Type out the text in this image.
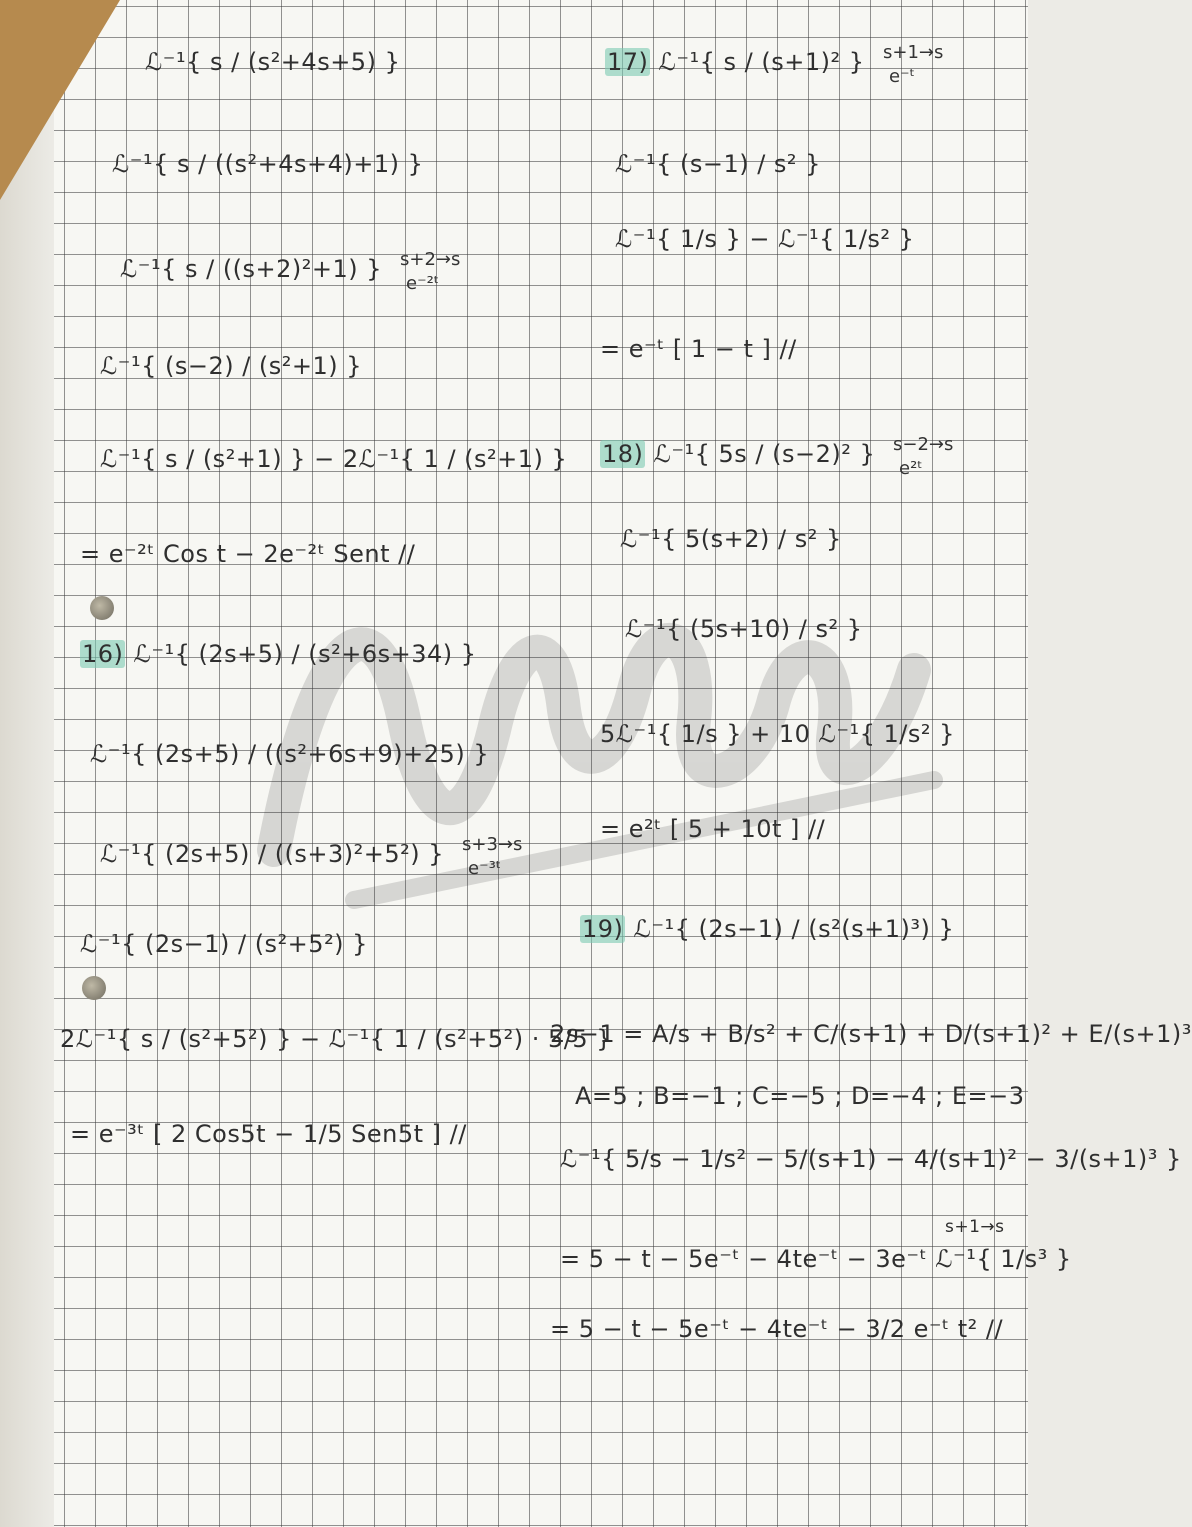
ℒ⁻¹{ s / (s²+4s+5) }
ℒ⁻¹{ s / ((s²+4s+4)+1) }
ℒ⁻¹{ s / ((s+2)²+1) } s+2→s
e⁻²ᵗ
ℒ⁻¹{ (s−2) / (s²+1) }
ℒ⁻¹{ s / (s²+1) } − 2ℒ⁻¹{ 1 / (s²+1) }
= e⁻²ᵗ Cos t − 2e⁻²ᵗ Sent //
16) ℒ⁻¹{ (2s+5) / (s²+6s+34) }
ℒ⁻¹{ (2s+5) / ((s²+6s+9)+25) }
ℒ⁻¹{ (2s+5) / ((s+3)²+5²) } s+3→s
e⁻³ᵗ
ℒ⁻¹{ (2s−1) / (s²+5²) }
2ℒ⁻¹{ s / (s²+5²) } − ℒ⁻¹{ 1 / (s²+5²) · 5/5 }
= e⁻³ᵗ [ 2 Cos5t − 1/5 Sen5t ] //
17) ℒ⁻¹{ s / (s+1)² } s+1→s
e⁻ᵗ
ℒ⁻¹{ (s−1) / s² }
ℒ⁻¹{ 1/s } − ℒ⁻¹{ 1/s² }
= e⁻ᵗ [ 1 − t ] //
18) ℒ⁻¹{ 5s / (s−2)² } s−2→s
e²ᵗ
ℒ⁻¹{ 5(s+2) / s² }
ℒ⁻¹{ (5s+10) / s² }
5ℒ⁻¹{ 1/s } + 10 ℒ⁻¹{ 1/s² }
= e²ᵗ [ 5 + 10t ] //
19) ℒ⁻¹{ (2s−1) / (s²(s+1)³) }
2s−1 = A/s + B/s² + C/(s+1) + D/(s+1)² + E/(s+1)³
A=5 ; B=−1 ; C=−5 ; D=−4 ; E=−3
ℒ⁻¹{ 5/s − 1/s² − 5/(s+1) − 4/(s+1)² − 3/(s+1)³ }
s+1→s
= 5 − t − 5e⁻ᵗ − 4te⁻ᵗ − 3e⁻ᵗ ℒ⁻¹{ 1/s³ }
= 5 − t − 5e⁻ᵗ − 4te⁻ᵗ − 3/2 e⁻ᵗ t² //
